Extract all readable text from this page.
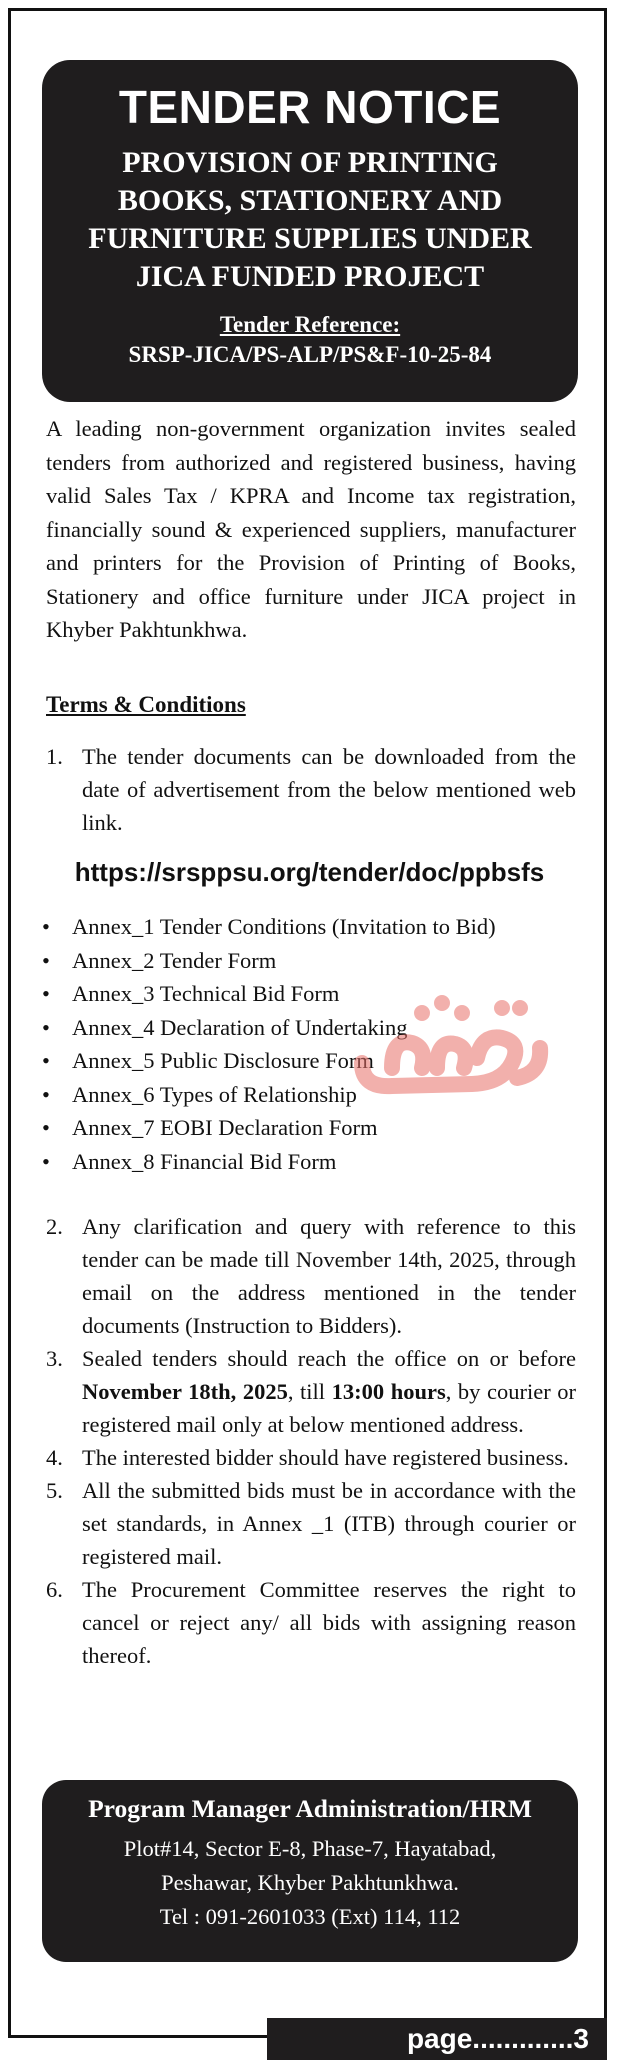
TENDER NOTICE
PROVISION OF PRINTING
BOOKS, STATIONERY AND
FURNITURE SUPPLIES UNDER
JICA FUNDED PROJECT
Tender Reference:
SRSP-JICA/PS-ALP/PS&F-10-25-84
A leading non-government organization invites sealed tenders from authorized and registered business, having valid Sales Tax / KPRA and Income tax registration, financially sound & experienced suppliers, manufacturer and printers for the Provision of Printing of Books, Stationery and office furniture under JICA project in Khyber Pakhtunkhwa.
Terms & Conditions
1. The tender documents can be downloaded from the date of advertisement from the below mentioned web link.
https://srsppsu.org/tender/doc/ppbsfs
• Annex_1 Tender Conditions (Invitation to Bid)
• Annex_2 Tender Form
• Annex_3 Technical Bid Form
• Annex_4 Declaration of Undertaking
• Annex_5 Public Disclosure Form
• Annex_6 Types of Relationship
• Annex_7 EOBI Declaration Form
• Annex_8 Financial Bid Form
2. Any clarification and query with reference to this tender can be made till November 14th, 2025, through email on the address mentioned in the tender documents (Instruction to Bidders).
3. Sealed tenders should reach the office on or before November 18th, 2025, till 13:00 hours, by courier or registered mail only at below mentioned address.
4. The interested bidder should have registered business.
5. All the submitted bids must be in accordance with the set standards, in Annex _1 (ITB) through courier or registered mail.
6. The Procurement Committee reserves the right to cancel or reject any/ all bids with assigning reason thereof.
Program Manager Administration/HRM
Plot#14, Sector E-8, Phase-7, Hayatabad,
Peshawar, Khyber Pakhtunkhwa.
Tel : 091-2601033 (Ext) 114, 112
page.............3
